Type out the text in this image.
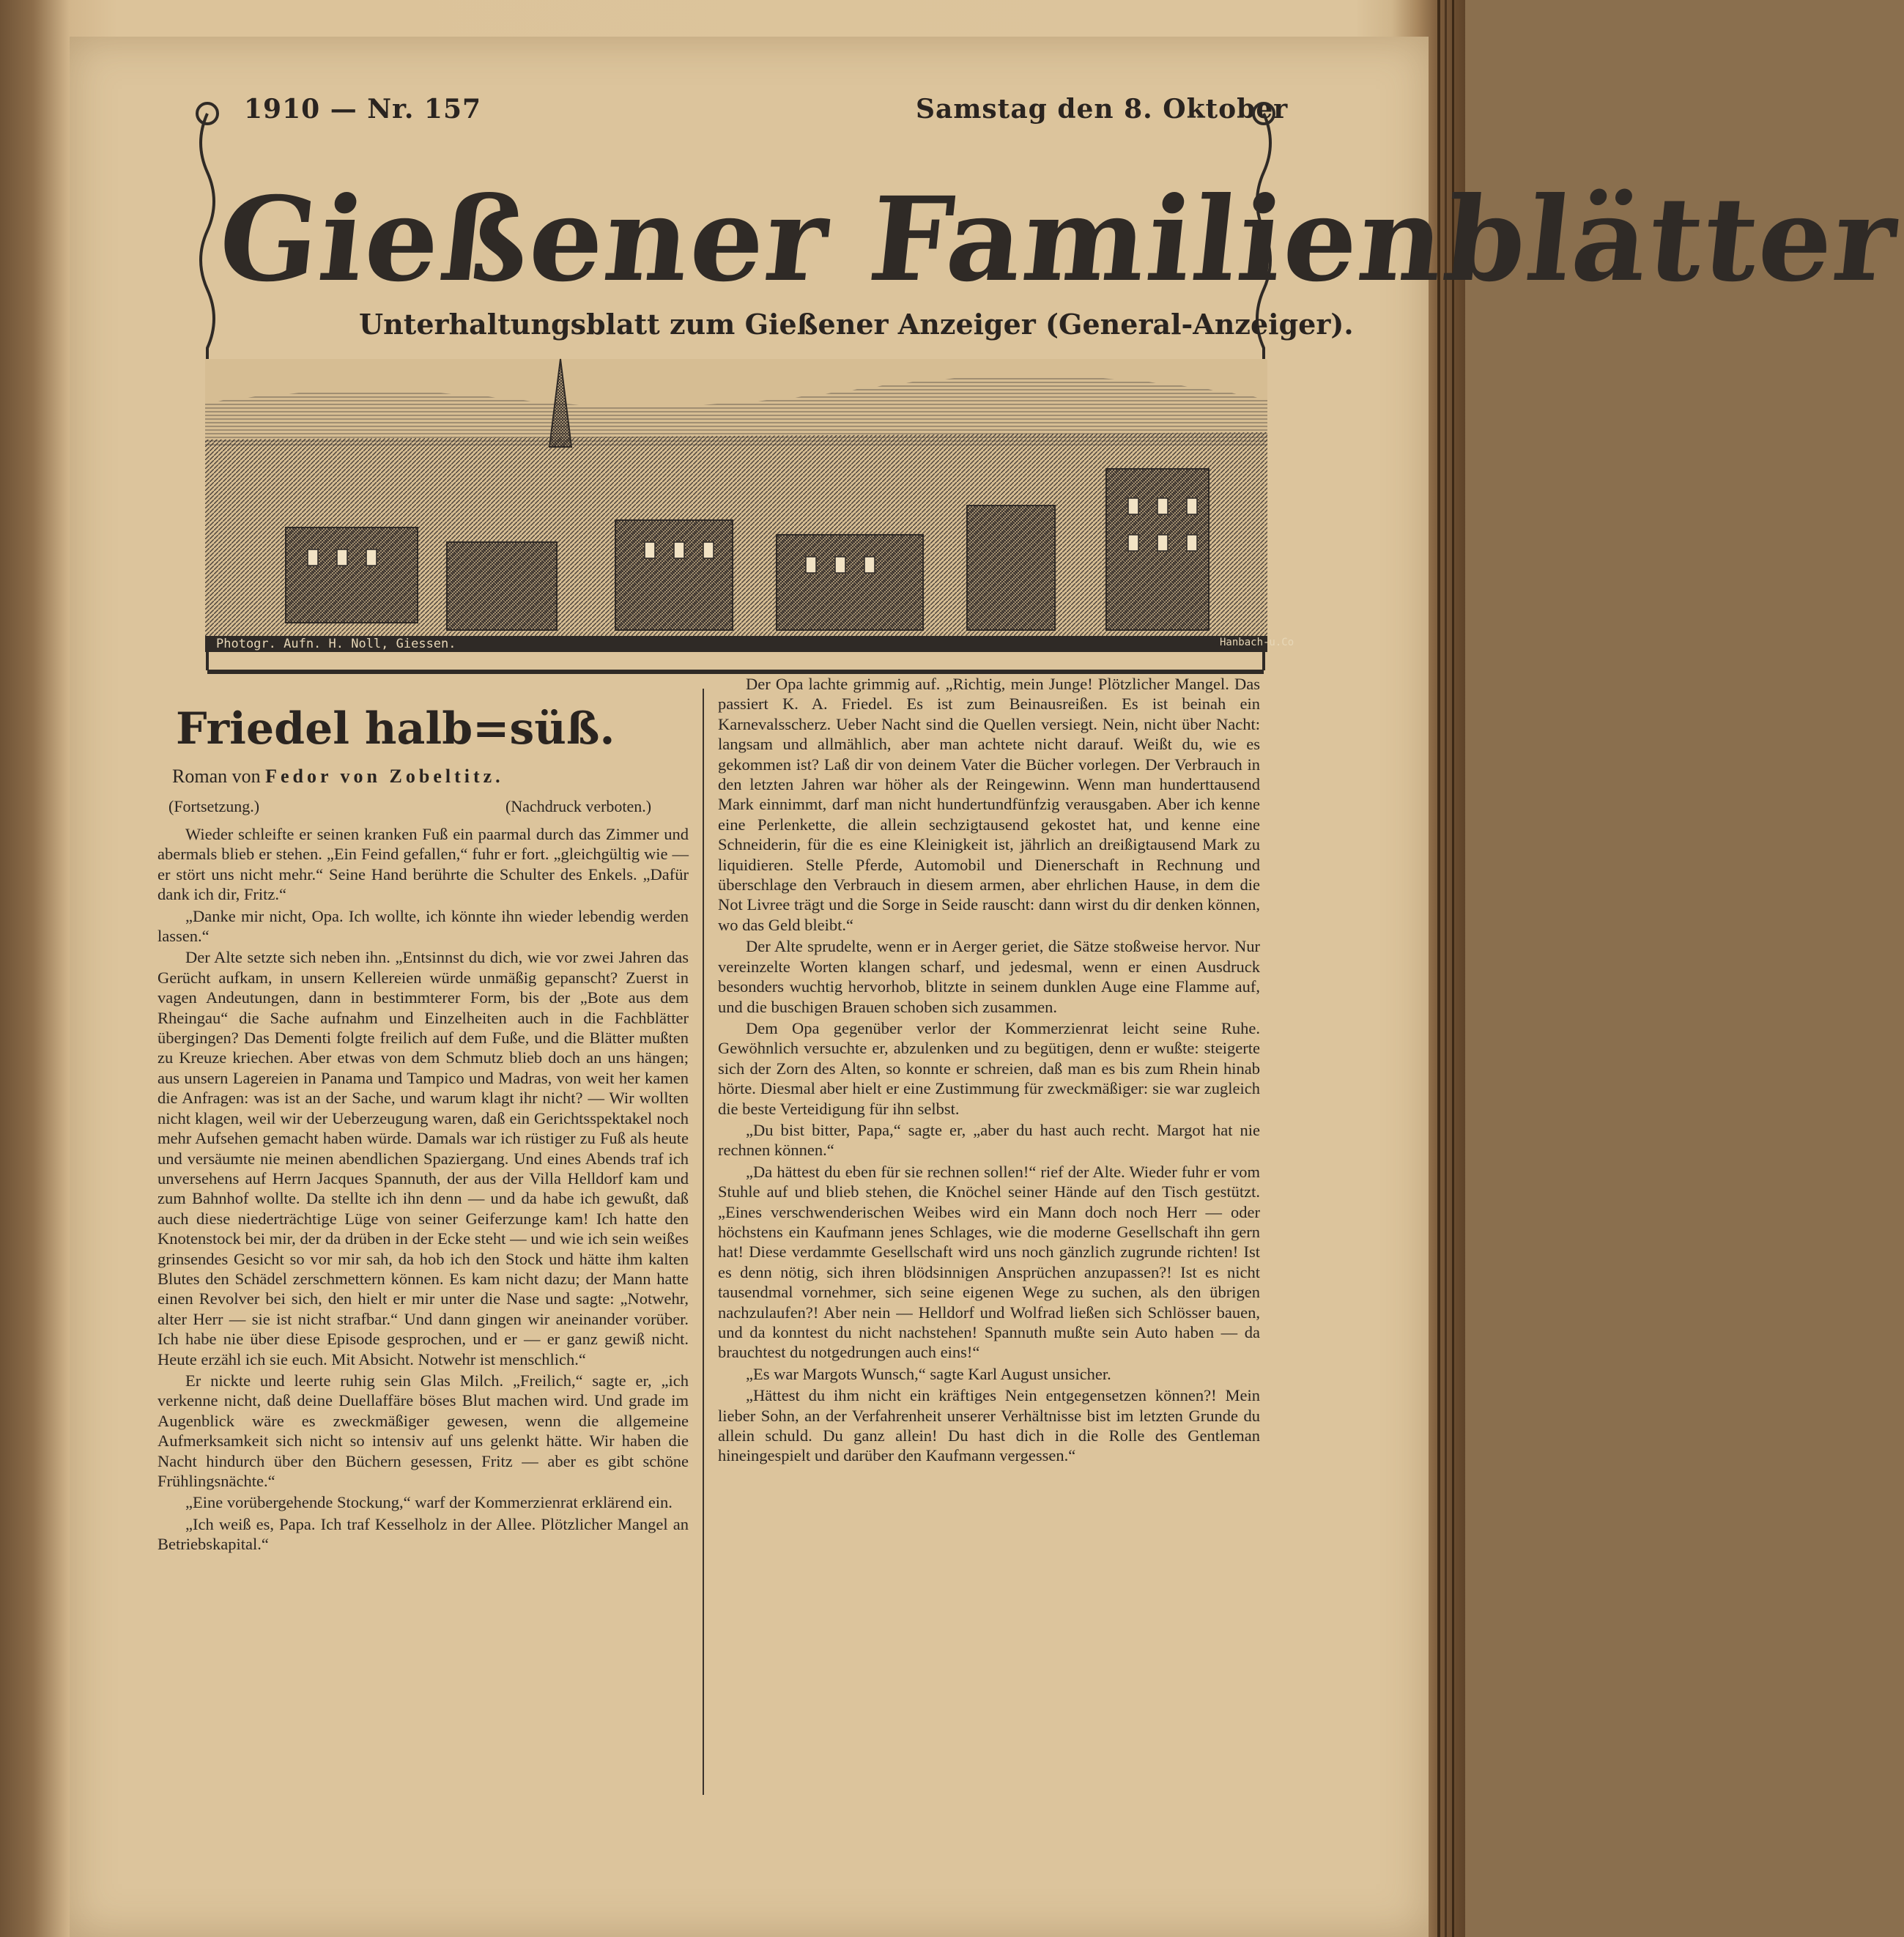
1910 — Nr. 157	Samstag den 8. Oktober
Gießener Familienblätter
Unterhaltungsblatt zum Gießener Anzeiger (General-Anzeiger).
Photogr. Aufn. H. Noll, Giessen.	Hanbach-u.Co
Friedel halb=süß.
Roman von Fedor von Zobeltitz.
(Fortsetzung.)	(Nachdruck verboten.)

Wieder schleifte er seinen kranken Fuß ein paarmal durch das Zimmer und abermals blieb er stehen. „Ein Feind gefallen,“ fuhr er fort. „gleichgültig wie — er stört uns nicht mehr.“ Seine Hand berührte die Schulter des Enkels. „Dafür dank ich dir, Fritz.“

„Danke mir nicht, Opa. Ich wollte, ich könnte ihn wieder lebendig werden lassen.“

Der Alte setzte sich neben ihn. „Entsinnst du dich, wie vor zwei Jahren das Gerücht aufkam, in unsern Kellereien würde unmäßig gepanscht? Zuerst in vagen Andeutungen, dann in bestimmterer Form, bis der „Bote aus dem Rheingau“ die Sache aufnahm und Einzelheiten auch in die Fachblätter übergingen? Das Dementi folgte freilich auf dem Fuße, und die Blätter mußten zu Kreuze kriechen. Aber etwas von dem Schmutz blieb doch an uns hängen; aus unsern Lagereien in Panama und Tampico und Madras, von weit her kamen die Anfragen: was ist an der Sache, und warum klagt ihr nicht? — Wir wollten nicht klagen, weil wir der Ueberzeugung waren, daß ein Gerichtsspektakel noch mehr Aufsehen gemacht haben würde. Damals war ich rüstiger zu Fuß als heute und versäumte nie meinen abendlichen Spaziergang. Und eines Abends traf ich unversehens auf Herrn Jacques Spannuth, der aus der Villa Helldorf kam und zum Bahnhof wollte. Da stellte ich ihn denn — und da habe ich gewußt, daß auch diese niederträchtige Lüge von seiner Geiferzunge kam! Ich hatte den Knotenstock bei mir, der da drüben in der Ecke steht — und wie ich sein weißes grinsendes Gesicht so vor mir sah, da hob ich den Stock und hätte ihm kalten Blutes den Schädel zerschmettern können. Es kam nicht dazu; der Mann hatte einen Revolver bei sich, den hielt er mir unter die Nase und sagte: „Notwehr, alter Herr — sie ist nicht strafbar.“ Und dann gingen wir aneinander vorüber. Ich habe nie über diese Episode gesprochen, und er — er ganz gewiß nicht. Heute erzähl ich sie euch. Mit Absicht. Notwehr ist menschlich.“

Er nickte und leerte ruhig sein Glas Milch. „Freilich,“ sagte er, „ich verkenne nicht, daß deine Duellaffäre böses Blut machen wird. Und grade im Augenblick wäre es zweckmäßiger gewesen, wenn die allgemeine Aufmerksamkeit sich nicht so intensiv auf uns gelenkt hätte. Wir haben die Nacht hindurch über den Büchern gesessen, Fritz — aber es gibt schöne Frühlingsnächte.“

„Eine vorübergehende Stockung,“ warf der Kommerzienrat erklärend ein.

„Ich weiß es, Papa. Ich traf Kesselholz in der Allee. Plötzlicher Mangel an Betriebskapital.“

Der Opa lachte grimmig auf. „Richtig, mein Junge! Plötzlicher Mangel. Das passiert K. A. Friedel. Es ist zum Beinausreißen. Es ist beinah ein Karnevalsscherz. Ueber Nacht sind die Quellen versiegt. Nein, nicht über Nacht: langsam und allmählich, aber man achtete nicht darauf. Weißt du, wie es gekommen ist? Laß dir von deinem Vater die Bücher vorlegen. Der Verbrauch in den letzten Jahren war höher als der Reingewinn. Wenn man hunderttausend Mark einnimmt, darf man nicht hundertundfünfzig verausgaben. Aber ich kenne eine Perlenkette, die allein sechzigtausend gekostet hat, und kenne eine Schneiderin, für die es eine Kleinigkeit ist, jährlich an dreißigtausend Mark zu liquidieren. Stelle Pferde, Automobil und Dienerschaft in Rechnung und überschlage den Verbrauch in diesem armen, aber ehrlichen Hause, in dem die Not Livree trägt und die Sorge in Seide rauscht: dann wirst du dir denken können, wo das Geld bleibt.“

Der Alte sprudelte, wenn er in Aerger geriet, die Sätze stoßweise hervor. Nur vereinzelte Worten klangen scharf, und jedesmal, wenn er einen Ausdruck besonders wuchtig hervorhob, blitzte in seinem dunklen Auge eine Flamme auf, und die buschigen Brauen schoben sich zusammen.

Dem Opa gegenüber verlor der Kommerzienrat leicht seine Ruhe. Gewöhnlich versuchte er, abzulenken und zu begütigen, denn er wußte: steigerte sich der Zorn des Alten, so konnte er schreien, daß man es bis zum Rhein hinab hörte. Diesmal aber hielt er eine Zustimmung für zweckmäßiger: sie war zugleich die beste Verteidigung für ihn selbst.

„Du bist bitter, Papa,“ sagte er, „aber du hast auch recht. Margot hat nie rechnen können.“

„Da hättest du eben für sie rechnen sollen!“ rief der Alte. Wieder fuhr er vom Stuhle auf und blieb stehen, die Knöchel seiner Hände auf den Tisch gestützt. „Eines verschwenderischen Weibes wird ein Mann doch noch Herr — oder höchstens ein Kaufmann jenes Schlages, wie die moderne Gesellschaft ihn gern hat! Diese verdammte Gesellschaft wird uns noch gänzlich zugrunde richten! Ist es denn nötig, sich ihren blödsinnigen Ansprüchen anzupassen?! Ist es nicht tausendmal vornehmer, sich seine eigenen Wege zu suchen, als den übrigen nachzulaufen?! Aber nein — Helldorf und Wolfrad ließen sich Schlösser bauen, und da konntest du nicht nachstehen! Spannuth mußte sein Auto haben — da brauchtest du notgedrungen auch eins!“

„Es war Margots Wunsch,“ sagte Karl August unsicher.

„Hättest du ihm nicht ein kräftiges Nein entgegensetzen können?! Mein lieber Sohn, an der Verfahrenheit unserer Verhältnisse bist im letzten Grunde du allein schuld. Du ganz allein! Du hast dich in die Rolle des Gentleman hineingespielt und darüber den Kaufmann vergessen.“
